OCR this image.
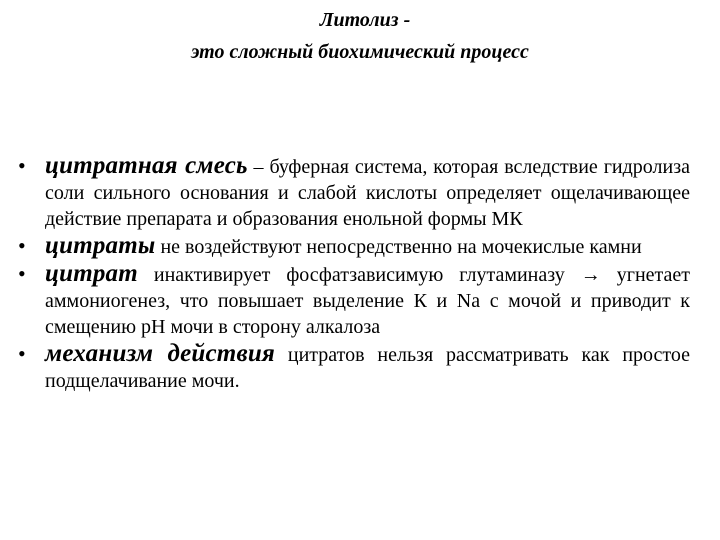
Литолиз -
это сложный биохимический процесс
• цитратная смесь – буферная система, которая вследствие гидролиза соли сильного основания и слабой кислоты определяет ощелачивающее действие препарата и образования енольной формы МК
• цитраты не воздействуют непосредственно на мочекислые камни
• цитрат инактивирует фосфатзависимую глутаминазу → угнетает аммониогенез, что повышает выделение К и Na с мочой и приводит к смещению рН мочи в сторону алкалоза
• механизм действия цитратов нельзя рассматривать как простое подщелачивание мочи.
